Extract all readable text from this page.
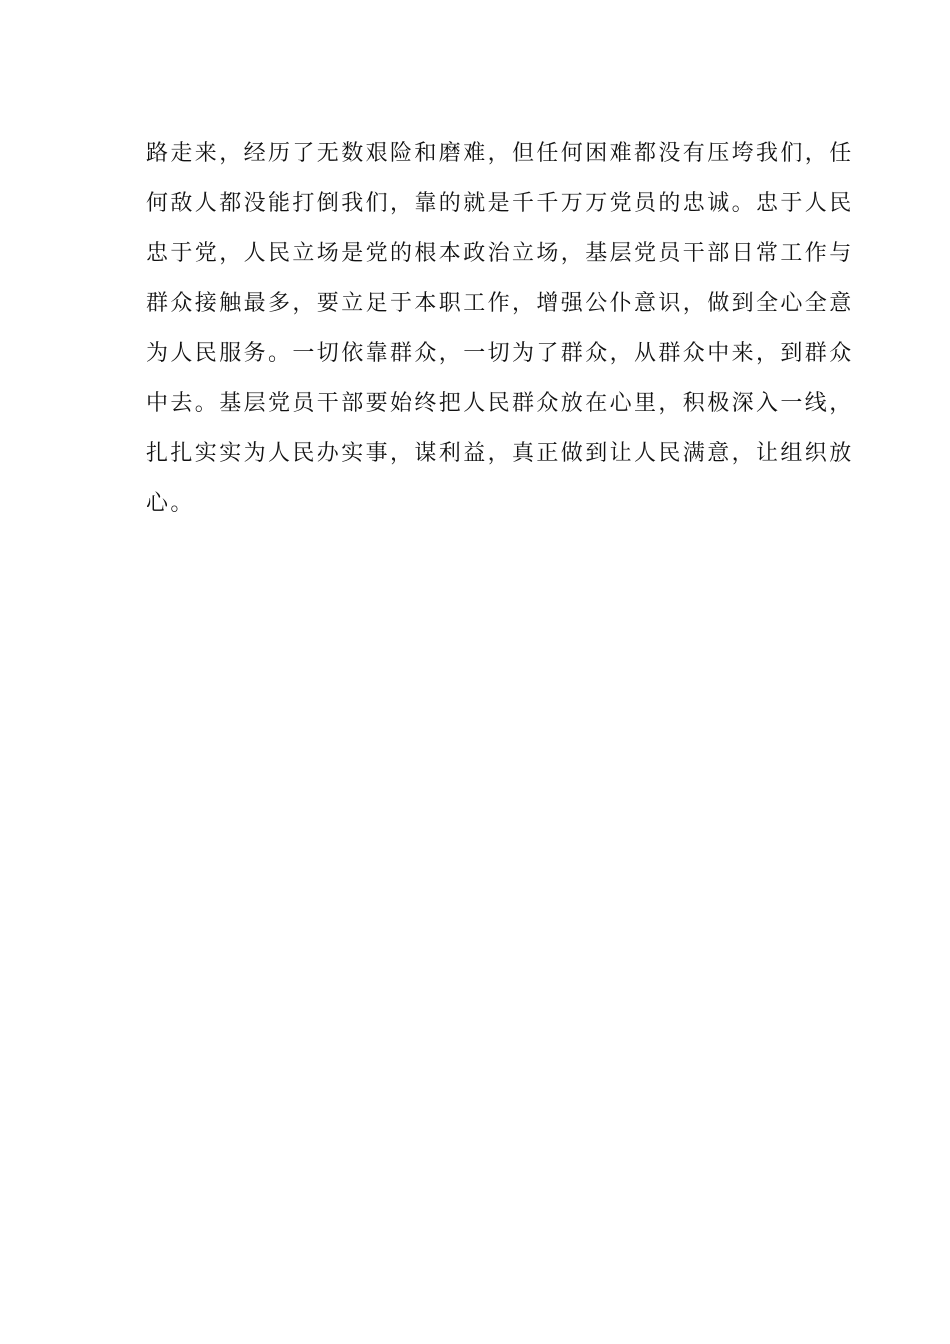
路走来，经历了无数艰险和磨难，但任何困难都没有压垮我们，任
何敌人都没能打倒我们，靠的就是千千万万党员的忠诚。忠于人民
忠于党，人民立场是党的根本政治立场，基层党员干部日常工作与
群众接触最多，要立足于本职工作，增强公仆意识，做到全心全意
为人民服务。一切依靠群众，一切为了群众，从群众中来，到群众
中去。基层党员干部要始终把人民群众放在心里，积极深入一线，
扎扎实实为人民办实事，谋利益，真正做到让人民满意，让组织放
心。
